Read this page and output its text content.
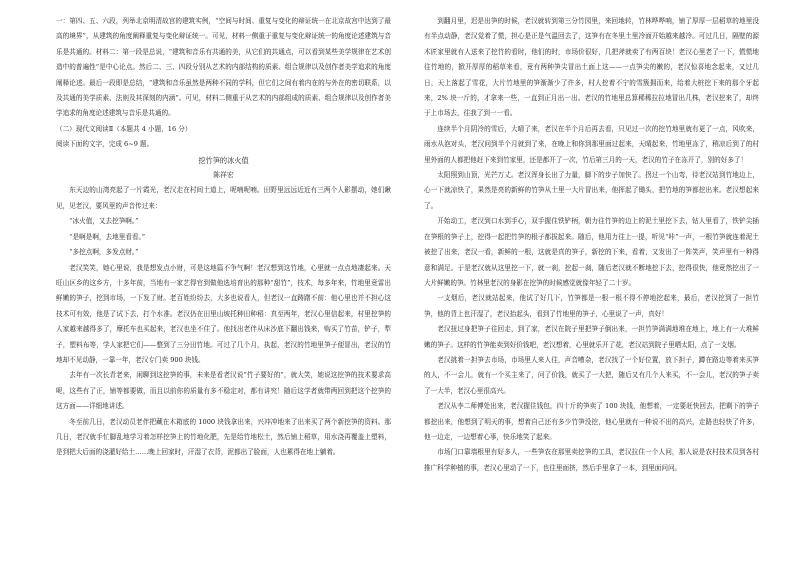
一：第四、五、六段，列举北京明清故宫的建筑实例，“空间与时间、重复与变化的辩证统一在北京故宫中达到了最高的境界”，从建筑的角度阐释重复与变化辩证统一。可见，材料一侧重于重复与变化辩证统一的角度论述建筑与音乐是共通的。材料二：第一段是总说，“建筑和音乐有共通的美，从它们的共通点，可以看到某些美学规律在艺术创造中的普遍性”是中心论点。然后二、三、四段分别从艺术的内部结构的质素、组合规律以及创作者美学追求的角度阐释论述。最后一段即是总结，“建筑和音乐虽然是两种不同的学科，但它们之间有着内在的与外在的密切联系，以及共通的美学质素、法则及其深刻的内涵”。可见，材料二侧重于从艺术的内部组成的质素、组合规律以及创作者美学追求的角度论述建筑与音乐是共通的。

（二）现代文阅读Ⅱ（本题共 4 小题，16 分）

阅读下面的文字，完成 6~9 题。

挖竹笋的冰火值

陈祥宏

东天边的山湾亮起了一片霞光，老汉走在村间土道上，呢喃呢喃。田野里远远近近有三两个人影摆动，她们瞅见，见老汉，要风里的声音传过来：

“冰火值，又去挖笋啊。”

“是啊是啊，去地里看看。”

“多挖点啊，多发点财。”

老汉笑笑，她心里说，我是想发点小财，可是这地篇不争气啊！老汉想到这竹地，心里就一点点地凄起来。天旺山区乡的这乡方，十多年前，当地有一家艺得官到做他选培育出的那种“甜竹”，技术，每多年来，竹地里竟雷出鲜嫩的笋子，挖到市场，一下发了财。老百姓纷纷去，大多也说看人，但老汉一直踌躇不前：他心里也并不担心这技术可有效，他是了试下去，打个水准。老汉仍在田里山坡托种田种稻：真至两年，老汉心里信起来，村里挖笋的人家越来越得多了，摩托车也买起来，老汉也坐不住了。他找出老伴从床沙底下翻出钱来，购买了竹苗，铲子，犁子，塑料布等，学人家把它们——整到了三分田竹地。可过了几个月，执起，老汉的竹地里笋子便冒出，老汉的竹地却不见动静，一靠一年，老汉专门卖 900 块钱。

去年有一次长青老来，闲聊到这挖笋的事，未来是看老汉说“竹子要好的”，就大笑，她说这挖笋的技术要求高呢，这些有了正，铺等都要做，而且以前你的质量有多不稳定对，都有讲究！随后这学者就带两回到把这个挖笋的这方面——详细地讲述。

冬至前几日，老汉动员老伴把藏在木箱底的 1000 块钱拿出来，兴冲冲地来了出来买了两个新挖笋的资料。那几日，老汉就手忙脚乱地学习着怎样挖笋上的竹地化肥，先是给竹地松土，然后铺上稻草，用水浇再覆盖上塑料，是到把大后面的浇灌好给土……晚上回家时，汗湿了衣背，泥都出了脸面，人也累得在地上躺着。

到翻月里，迟是出笋的时候，老汉就转到第三分竹园里，来回地转，竹林哗哗响，铺了厚厚一层稻草的地里没有半点动静，老汉觉着了慌，担心是正是气温回去了，这笋有在冬里土里冷面开始越来越冷。可过几日，隔壁的源木匠家里就有人送来了挖竹的看时，他们的时，市场价很好，几把斧就卖了有两百块！老汉心里老了一下，慌慌地往竹地的，掀开厚厚的稻草来看，竟有两种笋尖冒出土面上这——一点笋尖的嫩的，老汉惊喜地念起来，又过几日，天上落起了雪花，大片竹地里的笋渐渐少了许多，村人挖着不宁的雪簇拥而来，给着大桩挖下来的那个牙起来，2% 块一斤的，才拿来一些，一直到正月出一出。老汉的竹地里总算稀稀拉拉地冒出几株，老汉挖来了，却终于上市场去，往我了到一一看。

连续半个月阴冷的雪后，大晴了来，老汉在半个月后再去看，只见过一次的挖竹地里就有更了一点，风吹来，雨水从泡对头，老汉问到半个月就到了来，在晚上和你到那里面过起来，天晴起来，竹地里冻了，稍凉后到了的村里外面的人都把他赶下来到竹家里，还是都开了一次，竹后第三月的一天，老汉的竹子在冻开了，别的好多了！

太阳照到山顶，光芒万丈。老汉浑身长出了力量，脚下的步子加快了。拐过一个山弯，待老汉站到竹地边上，心一下就凉快了，果然是亮的新鲜的竹笋从土里一大片冒出来，他挥起了锄头，把竹地的笋都挖出来。老汉想起来了。

开始动工，老汉到口水到手心，双手握住铁铲柄，朝力往竹笋的边上的泥土里挖下去，钻人里看了，铁铲尖插在笋根的笋子上，挖得一起把竹笋的根子都拔起来。随后，他用力往上一提，听见“咔”一声，一根竹笋就连着泥土被挖了出来，老汉一看，新鲜的一根，这就是真的笋子，新挖的下来，看着，又发出了一阵笑声，笑声里有一种得意和满足。于是老汉就从这里挖一下，就一刹，挖起一刹，随后老汉就不断地挖下去，挖得很快，他竟然挖出了一大片鲜嫩的笋。竹林里老汉的身影在挖笋的时候感觉就像年轻了二十岁。

一支烟后，老汉就站起来，他试了好几下，竹笋都是一根一根不得不停地挖起来，最后，老汉挖到了一担竹笋，他的背上也汗湿了，老汉抬起头，看到了竹地里的笋子，心里说了一声，真好！

老汉扭过身把笋子往回走，到了家，老汉在院子里把笋子倒出来，一担竹笋满满地堆在地上，地上有一大堆鲜嫩的笋子。这样的竹笋能卖到好价钱吧，老汉想着，心里就乐开了花，老汉站到院子里晒太阳，点了一支烟。

老汉挑着一担笋去市场，市场里人来人往，声音嘈杂，老汉找了一个好位置，放下担子，蹲在路边等着来买笋的人，不一会儿，就有一个买主来了，问了价钱，就买了一大把，随后又有几个人来买，不一会儿，老汉的笋子卖了一大半，老汉心里很高兴。

老汉从李二师傅处出来，老汉握住钱包，四十斤的笋卖了 100 块钱，他想着，一定要赶快回去，把剩下的笋子都挖出来，他想到了明天的事，想着自己还有多少竹笋没挖，他心里就有一种说不出的高兴，走路也轻快了许多，他一边走，一边想着心事，快乐地笑了起来。

市场门口靠墙根里有好多人，一些笋农在那里卖挖笋的工具，老汉拉住一个人问，那人说是农村技术员到各村推广科学种植的事，老汉心里动了一下，也往里面挤，然后手里拿了一本，到里面问问。
